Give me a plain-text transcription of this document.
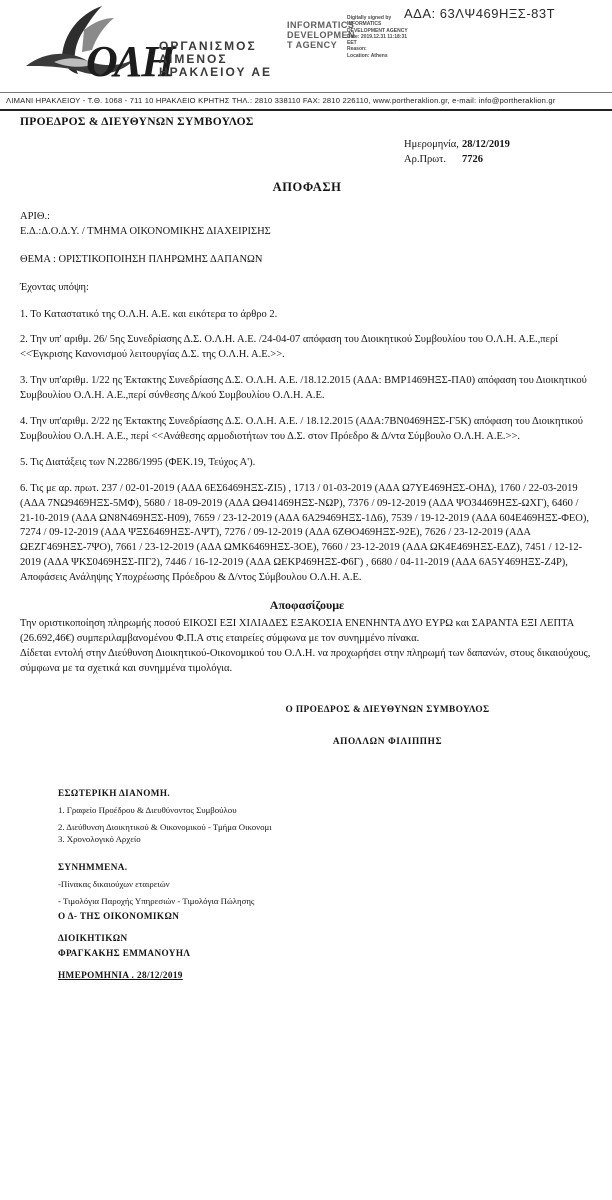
ΑΔΑ: 63ΛΨ469ΗΞΣ-83Τ
ΟΛΗ
ΟΡΓΑΝΙΣΜΟΣ
ΛΙΜΕΝΟΣ
ΗΡΑΚΛΕΙΟΥ ΑΕ
INFORMATICS
DEVELOPMEN
T AGENCY
Digitally signed by
INFORMATICS
DEVELOPMENT AGENCY
Date: 2019.12.31 11:18:31
EET
Reason:
Location: Athens
ΛΙΜΑΝΙ ΗΡΑΚΛΕΙΟΥ - Τ.Θ. 1068 - 711 10 ΗΡΑΚΛΕΙΟ ΚΡΗΤΗΣ ΤΗΛ.: 2810 338110 FAX: 2810 226110, www.portheraklion.gr, e-mail: info@portheraklion.gr
ΠΡΟΕΔΡΟΣ & ΔΙΕΥΘΥΝΩΝ ΣΥΜΒΟΥΛΟΣ
Ημερομηνία, 28/12/2019
Αρ.Πρωτ.	7726
ΑΠΟΦΑΣΗ
ΑΡΙΘ.:
Ε.Δ.:Δ.Ο.Δ.Υ. / ΤΜΗΜΑ ΟΙΚΟΝΟΜΙΚΗΣ ΔΙΑΧΕΙΡΙΣΗΣ
ΘΕΜΑ : ΟΡΙΣΤΙΚΟΠΟΙΗΣΗ ΠΛΗΡΩΜΗΣ ΔΑΠΑΝΩΝ
Έχοντας υπόψη:

1. Το Καταστατικό της Ο.Λ.Η. Α.Ε. και εικότερα το άρθρο 2.

2. Την υπ' αριθμ. 26/ 5ης Συνεδρίασης Δ.Σ. Ο.Λ.Η. Α.Ε. /24-04-07 απόφαση του Διοικητικού Συμβουλίου του Ο.Λ.Η. Α.Ε.,περί <<Έγκρισης Κανονισμού λειτουργίας Δ.Σ. της Ο.Λ.Η. Α.Ε.>>.

3. Την υπ'αριθμ. 1/22 ης Έκτακτης Συνεδρίασης Δ.Σ. Ο.Λ.Η. Α.Ε. /18.12.2015 (ΑΔΑ: ΒΜΡ1469ΗΞΣ-ΠΑ0) απόφαση του Διοικητικού Συμβουλίου Ο.Λ.Η. Α.Ε.,περί σύνθεσης Δ/κού Συμβουλίου Ο.Λ.Η. Α.Ε.

4. Την υπ'αριθμ. 2/22 ης Έκτακτης Συνεδρίασης Δ.Σ. Ο.Λ.Η. Α.Ε. / 18.12.2015 (ΑΔΑ:7ΒΝ0469ΗΞΣ-Γ5Κ) απόφαση του Διοικητικού Συμβουλίου Ο.Λ.Η. Α.Ε., περί <<Ανάθεσης αρμοδιοτήτων του Δ.Σ. στον Πρόεδρο & Δ/ντα Σύμβουλο Ο.Λ.Η. Α.Ε.>>.

5. Τις Διατάξεις των Ν.2286/1995 (ΦΕΚ.19, Τεύχος Α').

6. Τις με αρ. πρωτ. 237 / 02-01-2019 (ΑΔΑ 6ΕΣ6469ΗΞΣ-ΖΙ5) , 1713 / 01-03-2019 (ΑΔΑ Ω7ΥΕ469ΗΞΣ-ΟΗΔ), 1760 / 22-03-2019 (ΑΔΑ 7ΝΩ9469ΗΞΣ-5ΜΦ), 5680 / 18-09-2019 (ΑΔΑ ΩΘ41469ΗΞΣ-ΝΩΡ), 7376 / 09-12-2019 (ΑΔΑ ΨΟ34469ΗΞΣ-ΩΧΓ), 6460 / 21-10-2019 (ΑΔΑ ΩΝ8Ν469ΗΞΣ-Η09), 7659 / 23-12-2019 (ΑΔΑ 6Α29469ΗΞΣ-1Δ6), 7539 / 19-12-2019 (ΑΔΑ 604Ε469ΗΞΣ-ΦΕΟ), 7274 / 09-12-2019 (ΑΔΑ ΨΞΣ6469ΗΞΣ-ΛΨΤ), 7276 / 09-12-2019 (ΑΔΑ 6ΖΘΟ469ΗΞΣ-92Ε), 7626 / 23-12-2019 (ΑΔΑ ΩΕΖΓ469ΗΞΣ-7ΨΟ), 7661 / 23-12-2019 (ΑΔΑ ΩΜΚ6469ΗΞΣ-3ΟΕ), 7660 / 23-12-2019 (ΑΔΑ ΩΚ4Ε469ΗΞΣ-ΕΔΖ), 7451 / 12-12-2019 (ΑΔΑ ΨΚΣ0469ΗΞΣ-ΠΓ2), 7446 / 16-12-2019 (ΑΔΑ ΩΕΚΡ469ΗΞΣ-Φ6Γ) , 6680 / 04-11-2019 (ΑΔΑ 6Α5Υ469ΗΞΣ-Ζ4Ρ), Αποφάσεις Ανάληψης Υποχρέωσης Πρόεδρου & Δ/ντος Σύμβουλου Ο.Λ.Η. Α.Ε.

Αποφασίζουμε

Την οριστικοποίηση πληρωμής ποσού ΕΙΚΟΣΙ ΕΞΙ ΧΙΛΙΑΔΕΣ ΕΞΑΚΟΣΙΑ ΕΝΕΝΗΝΤΑ ΔΥΟ ΕΥΡΩ και ΣΑΡΑΝΤΑ ΕΞΙ ΛΕΠΤΑ (26.692,46€) συμπεριλαμβανομένου Φ.Π.Α στις εταιρείες σύμφωνα με τον συνημμένο πίνακα.

Δίδεται εντολή στην Διεύθυνση Διοικητικού-Οικονομικού του Ο.Λ.Η. να προχωρήσει στην πληρωμή των δαπανών, στους δικαιούχους, σύμφωνα με τα σχετικά και συνημμένα τιμολόγια.

Ο ΠΡΟΕΔΡΟΣ & ΔΙΕΥΘΥΝΩΝ ΣΥΜΒΟΥΛΟΣ
ΑΠΟΛΛΩΝ ΦΙΛΙΠΠΗΣ
ΕΣΩΤΕΡΙΚΗ ΔΙΑΝΟΜΗ.
1. Γραφείο Προέδρου & Διευθύνοντος Συμβούλου
2. Διεύθυνση Διοικητικού & Οικονομικού - Τμήμα Οικονομι
3. Χρονολογικό Αρχείο
ΣΥΝΗΜΜΕΝΑ.
-Πίνακας δικαιούχων εταιρειών
- Τιμολόγια Παροχής Υπηρεσιών - Τιμολόγια Πώλησης
Ο Δ- ΤΗΣ ΟΙΚΟΝΟΜΙΚΩΝ
ΔΙΟΙΚΗΤΙΚΩΝ
ΦΡΑΓΚΑΚΗΣ ΕΜΜΑΝΟΥΗΛ
ΗΜΕΡΟΜΗΝΙΑ . 28/12/2019
